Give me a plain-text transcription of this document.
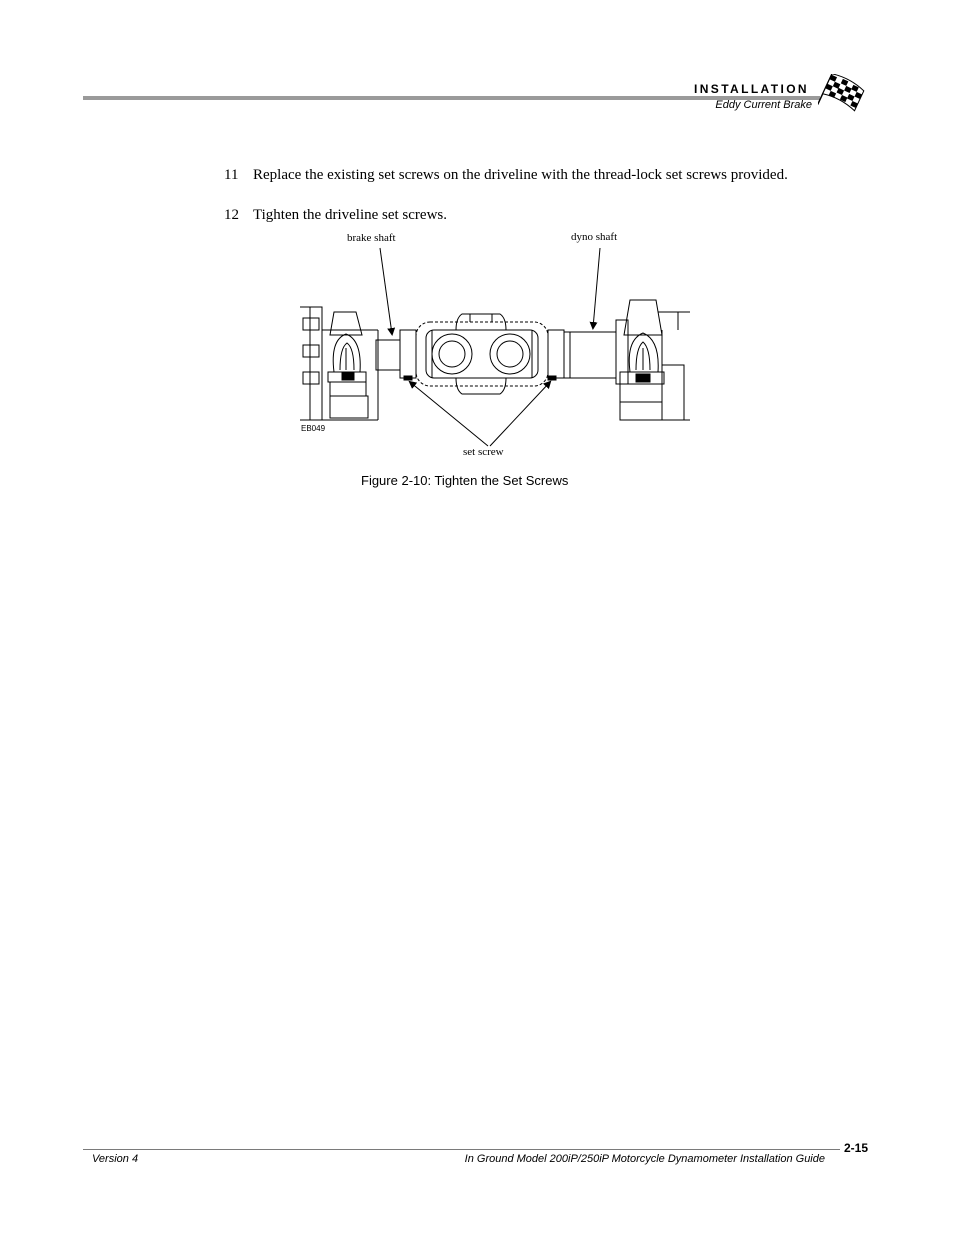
INSTALLATION
Eddy Current Brake
11 Replace the existing set screws on the driveline with the thread-lock set screws provided.
12 Tighten the driveline set screws.
brake shaft	dyno shaft
set screw
EB049
Figure 2-10: Tighten the Set Screws
2-15
Version 4	In Ground Model 200iP/250iP Motorcycle Dynamometer Installation Guide
